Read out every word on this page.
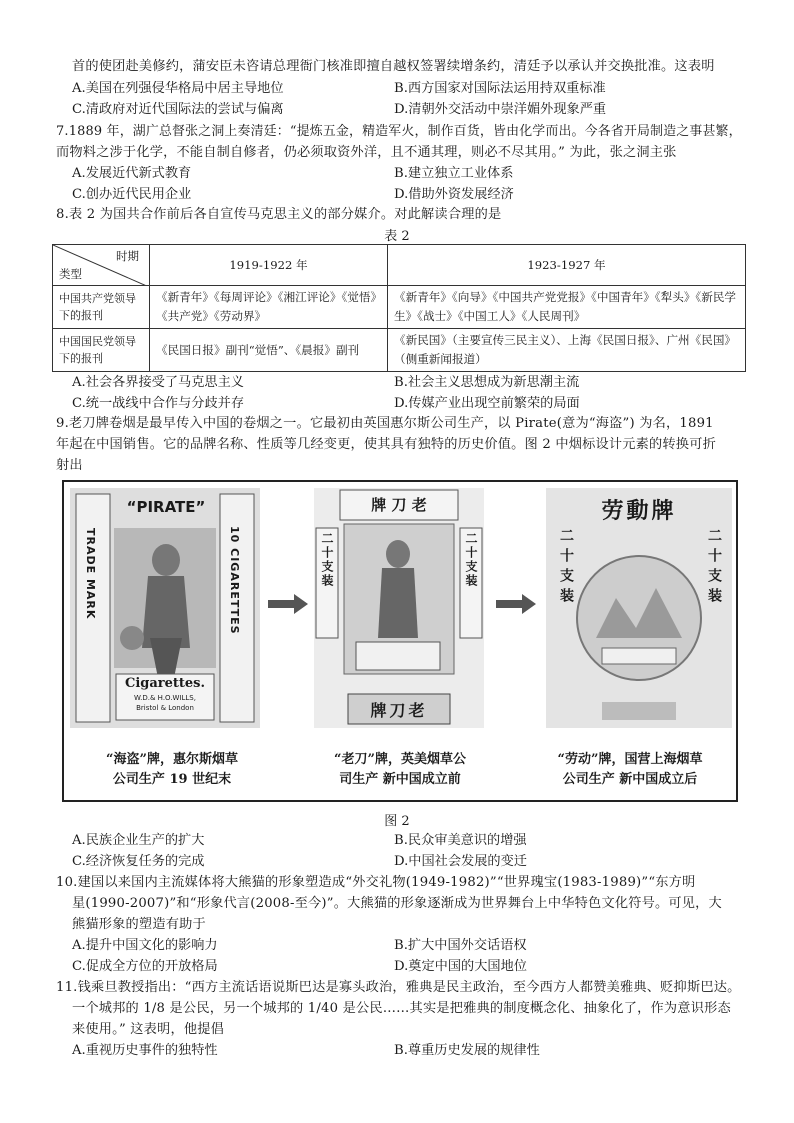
首的使团赴美修约，蒲安臣未咨请总理衙门核准即擅自越权签署续增条约，清廷予以承认并交换批准。这表明
A.美国在列强侵华格局中居主导地位	B.西方国家对国际法运用持双重标准
C.清政府对近代国际法的尝试与偏离	D.清朝外交活动中崇洋媚外现象严重
7.1889 年，湖广总督张之洞上奏清廷：“提炼五金，精造军火，制作百货，皆由化学而出。今各省开局制造之事甚繁，
而物料之涉于化学，不能自制自修者，仍必须取资外洋，且不通其理，则必不尽其用。” 为此，张之洞主张
A.发展近代新式教育	B.建立独立工业体系
C.创办近代民用企业	D.借助外资发展经济
8.表 2 为国共合作前后各自宣传马克思主义的部分媒介。对此解读合理的是
表 2
时期
类型	1919-1922 年	1923-1927 年
中国共产党领导下的报刊	《新青年》《每周评论》《湘江评论》《觉悟》《共产党》《劳动界》	《新青年》《向导》《中国共产党党报》《中国青年》《犁头》《新民学生》《战士》《中国工人》《人民周刊》
中国国民党领导下的报刊	《民国日报》副刊“觉悟”、《晨报》副刊	《新民国》（主要宣传三民主义）、上海《民国日报》、广州《民国》（侧重新闻报道）
A.社会各界接受了马克思主义	B.社会主义思想成为新思潮主流
C.统一战线中合作与分歧并存	D.传媒产业出现空前繁荣的局面
9.老刀牌卷烟是最早传入中国的卷烟之一。它最初由英国惠尔斯公司生产，以 Pirate(意为“海盗”) 为名，1891
年起在中国销售。它的品牌名称、性质等几经变更，使其具有独特的历史价值。图 2 中烟标设计元素的转换可折
射出
“PIRATE”
TRADE MARK	10 CIGARETTES
Cigarettes.
W.D.& H.O.WILLS,
Bristol & London
牌 刀 老
二十支装	二十支装
牌刀老
劳動牌
二十支装	二十支装
“海盗”牌，惠尔斯烟草
公司生产 19 世纪末
“老刀”牌，英美烟草公
司生产 新中国成立前
“劳动”牌，国营上海烟草
公司生产 新中国成立后
图 2
A.民族企业生产的扩大	B.民众审美意识的增强
C.经济恢复任务的完成	D.中国社会发展的变迁
10.建国以来国内主流媒体将大熊猫的形象塑造成“外交礼物(1949-1982)”“世界瑰宝(1983-1989)”“东方明
星(1990-2007)”和“形象代言(2008-至今)”。大熊猫的形象逐渐成为世界舞台上中华特色文化符号。可见，大
熊猫形象的塑造有助于
A.提升中国文化的影响力	B.扩大中国外交话语权
C.促成全方位的开放格局	D.奠定中国的大国地位
11.钱乘旦教授指出：“西方主流话语说斯巴达是寡头政治，雅典是民主政治，至今西方人都赞美雅典、贬抑斯巴达。
一个城邦的 1/8 是公民，另一个城邦的 1/40 是公民……其实是把雅典的制度概念化、抽象化了，作为意识形态
来使用。” 这表明，他提倡
A.重视历史事件的独特性	B.尊重历史发展的规律性
